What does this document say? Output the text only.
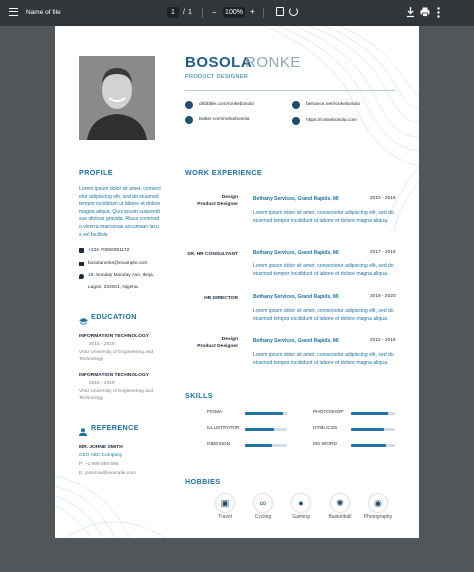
Name of file	1	/ 1	− 100% +
BOSOLA
RONKE
PRODUCT DESIGNER
dribbble.com/ronkebosola	behance.net/ronkebosola
twitter.com/ronkebosola	https://ronkebosola.com
PROFILE
Lorem ipsum dolor sit amet, consectetur adipiscing elit, sed do eiusmod tempor incididunt ut labore et dolore magna aliqua. Quis ipsum suspendisse ultrices gravida. Risus commodo viverra maecenas accumsan lacus vel facilisis.
+234-70656091172
bosolaronke@example.com
16, Sunday Monday Ave, Ikeja,
Lagos, 234001, Nigeria.
EDUCATION
INFORMATION TECHNOLOGY
2015 - 2019
VNU University of Engineering and
Technology
INFORMATION TECHNOLOGY
2015 - 2019
VNU University of Engineering and
Technology
REFERENCE
MR. JOHNE SMITH
CEO ABC Company
P: +1 999 888 666
E: jonsnow@example.com
WORK EXPERIENCE
Design
Product Designer
Bethany Services, Grand Rapids, MI	2015 - 2016
Lorem ipsum dolor sit amet, consectetur adipiscing elit, sed do eiusmod tempor incididunt ut labore et dolore magna aliqua.
SR. HR CONSULTANT	Bethany Services, Grand Rapids, MI	2017 - 2019
Lorem ipsum dolor sit amet, consectetur adipiscing elit, sed do eiusmod tempor incididunt ut labore et dolore magna aliqua.
HR DIRECTOR	Bethany Services, Grand Rapids, MI	2019 - 2020
Lorem ipsum dolor sit amet, consectetur adipiscing elit, sed do eiusmod tempor incididunt ut labore et dolore magna aliqua.
Design
Product Designer
Bethany Services, Grand Rapids, MI	2015 - 2016
Lorem ipsum dolor sit amet, consectetur adipiscing elit, sed do eiusmod tempor incididunt ut labore et dolore magna aliqua.
SKILLS
FIGMA	PHOTOSHOP
ILLUSTRATOR	HTML/CSS
INDESIGN	MS-WORD
HOBBIES
▣
Travel
∞
Cycling
●
Gaming
✺
Basketball
◉
Photography
